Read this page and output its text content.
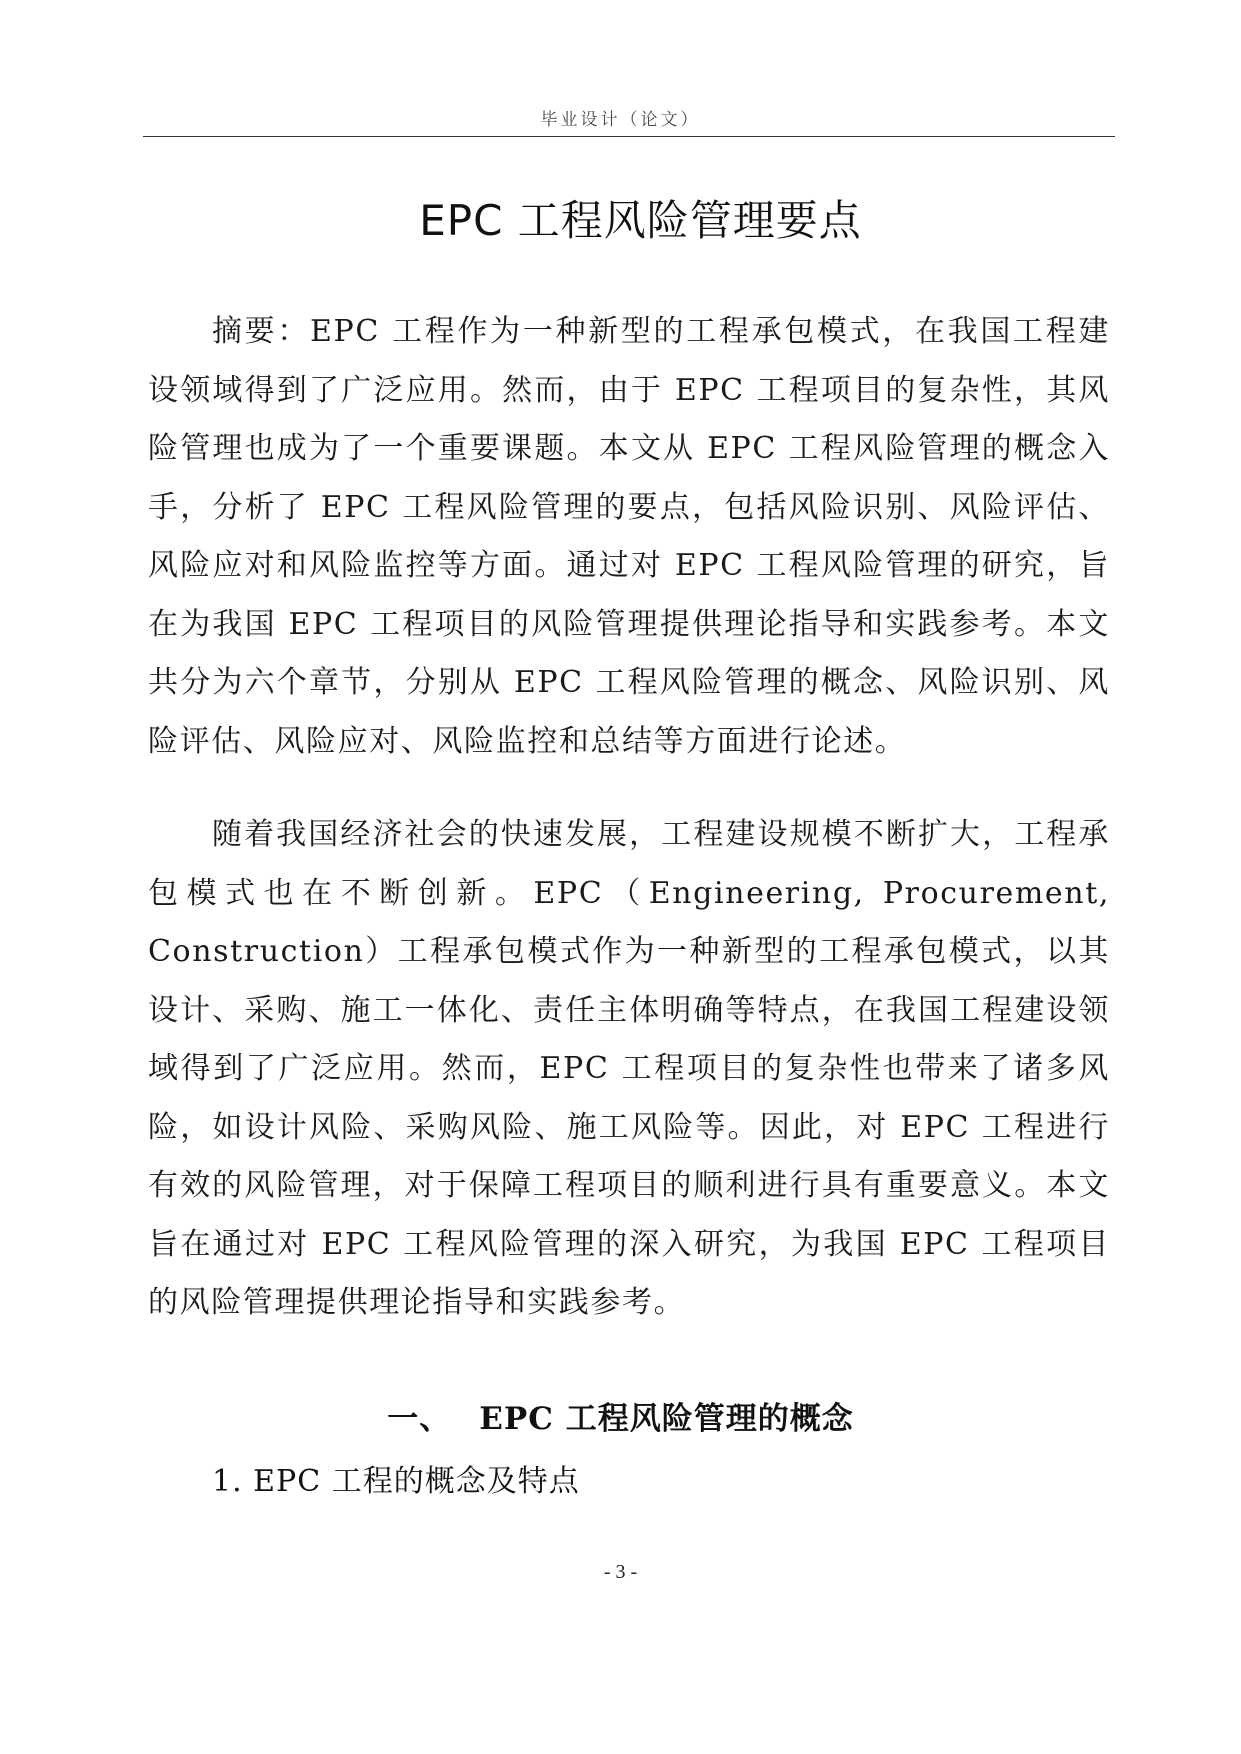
毕业设计（论文）
EPC 工程风险管理要点

摘要：EPC 工程作为一种新型的工程承包模式，在我国工程建设领域得到了广泛应用。然而，由于 EPC 工程项目的复杂性，其风险管理也成为了一个重要课题。本文从 EPC 工程风险管理的概念入手，分析了 EPC 工程风险管理的要点，包括风险识别、风险评估、风险应对和风险监控等方面。通过对 EPC 工程风险管理的研究，旨在为我国 EPC 工程项目的风险管理提供理论指导和实践参考。本文共分为六个章节，分别从 EPC 工程风险管理的概念、风险识别、风险评估、风险应对、风险监控和总结等方面进行论述。

随着我国经济社会的快速发展，工程建设规模不断扩大，工程承包模式也在不断创新。EPC（Engineering, Procurement, Construction）工程承包模式作为一种新型的工程承包模式，以其设计、采购、施工一体化、责任主体明确等特点，在我国工程建设领域得到了广泛应用。然而，EPC 工程项目的复杂性也带来了诸多风险，如设计风险、采购风险、施工风险等。因此，对 EPC 工程进行有效的风险管理，对于保障工程项目的顺利进行具有重要意义。本文旨在通过对 EPC 工程风险管理的深入研究，为我国 EPC 工程项目的风险管理提供理论指导和实践参考。

一、 EPC 工程风险管理的概念
1. EPC 工程的概念及特点
- 3 -
